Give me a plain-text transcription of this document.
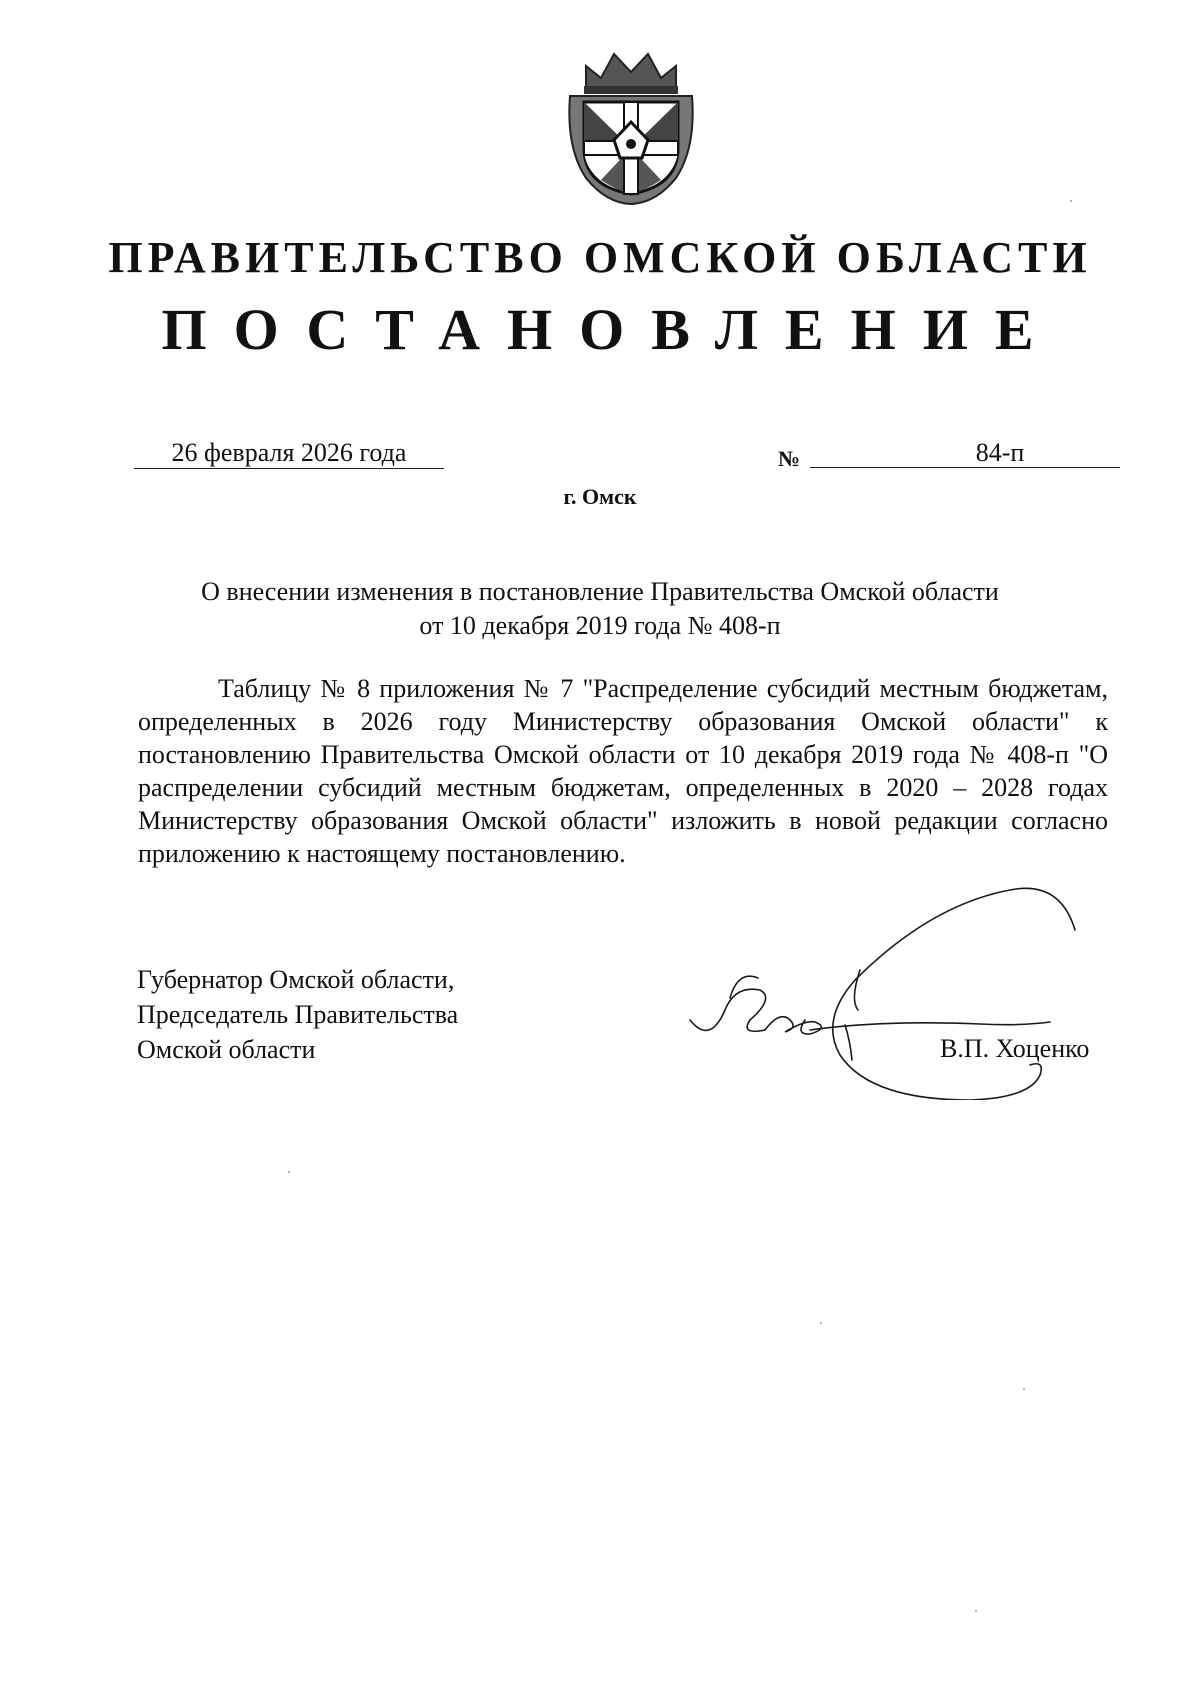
ПРАВИТЕЛЬСТВО ОМСКОЙ ОБЛАСТИ
ПОСТАНОВЛЕНИЕ
26 февраля 2026 года	№	84-п
г. Омск
О внесении изменения в постановление Правительства Омской области
от 10 декабря 2019 года № 408-п
Таблицу № 8 приложения № 7 "Распределение субсидий местным бюджетам, определенных в 2026 году Министерству образования Омской области" к постановлению Правительства Омской области от 10 декабря 2019 года № 408-п "О распределении субсидий местным бюджетам, определенных в 2020 – 2028 годах Министерству образования Омской области" изложить в новой редакции согласно приложению к настоящему постановлению.
Губернатор Омской области,
Председатель Правительства
Омской области	В.П. Хоценко
